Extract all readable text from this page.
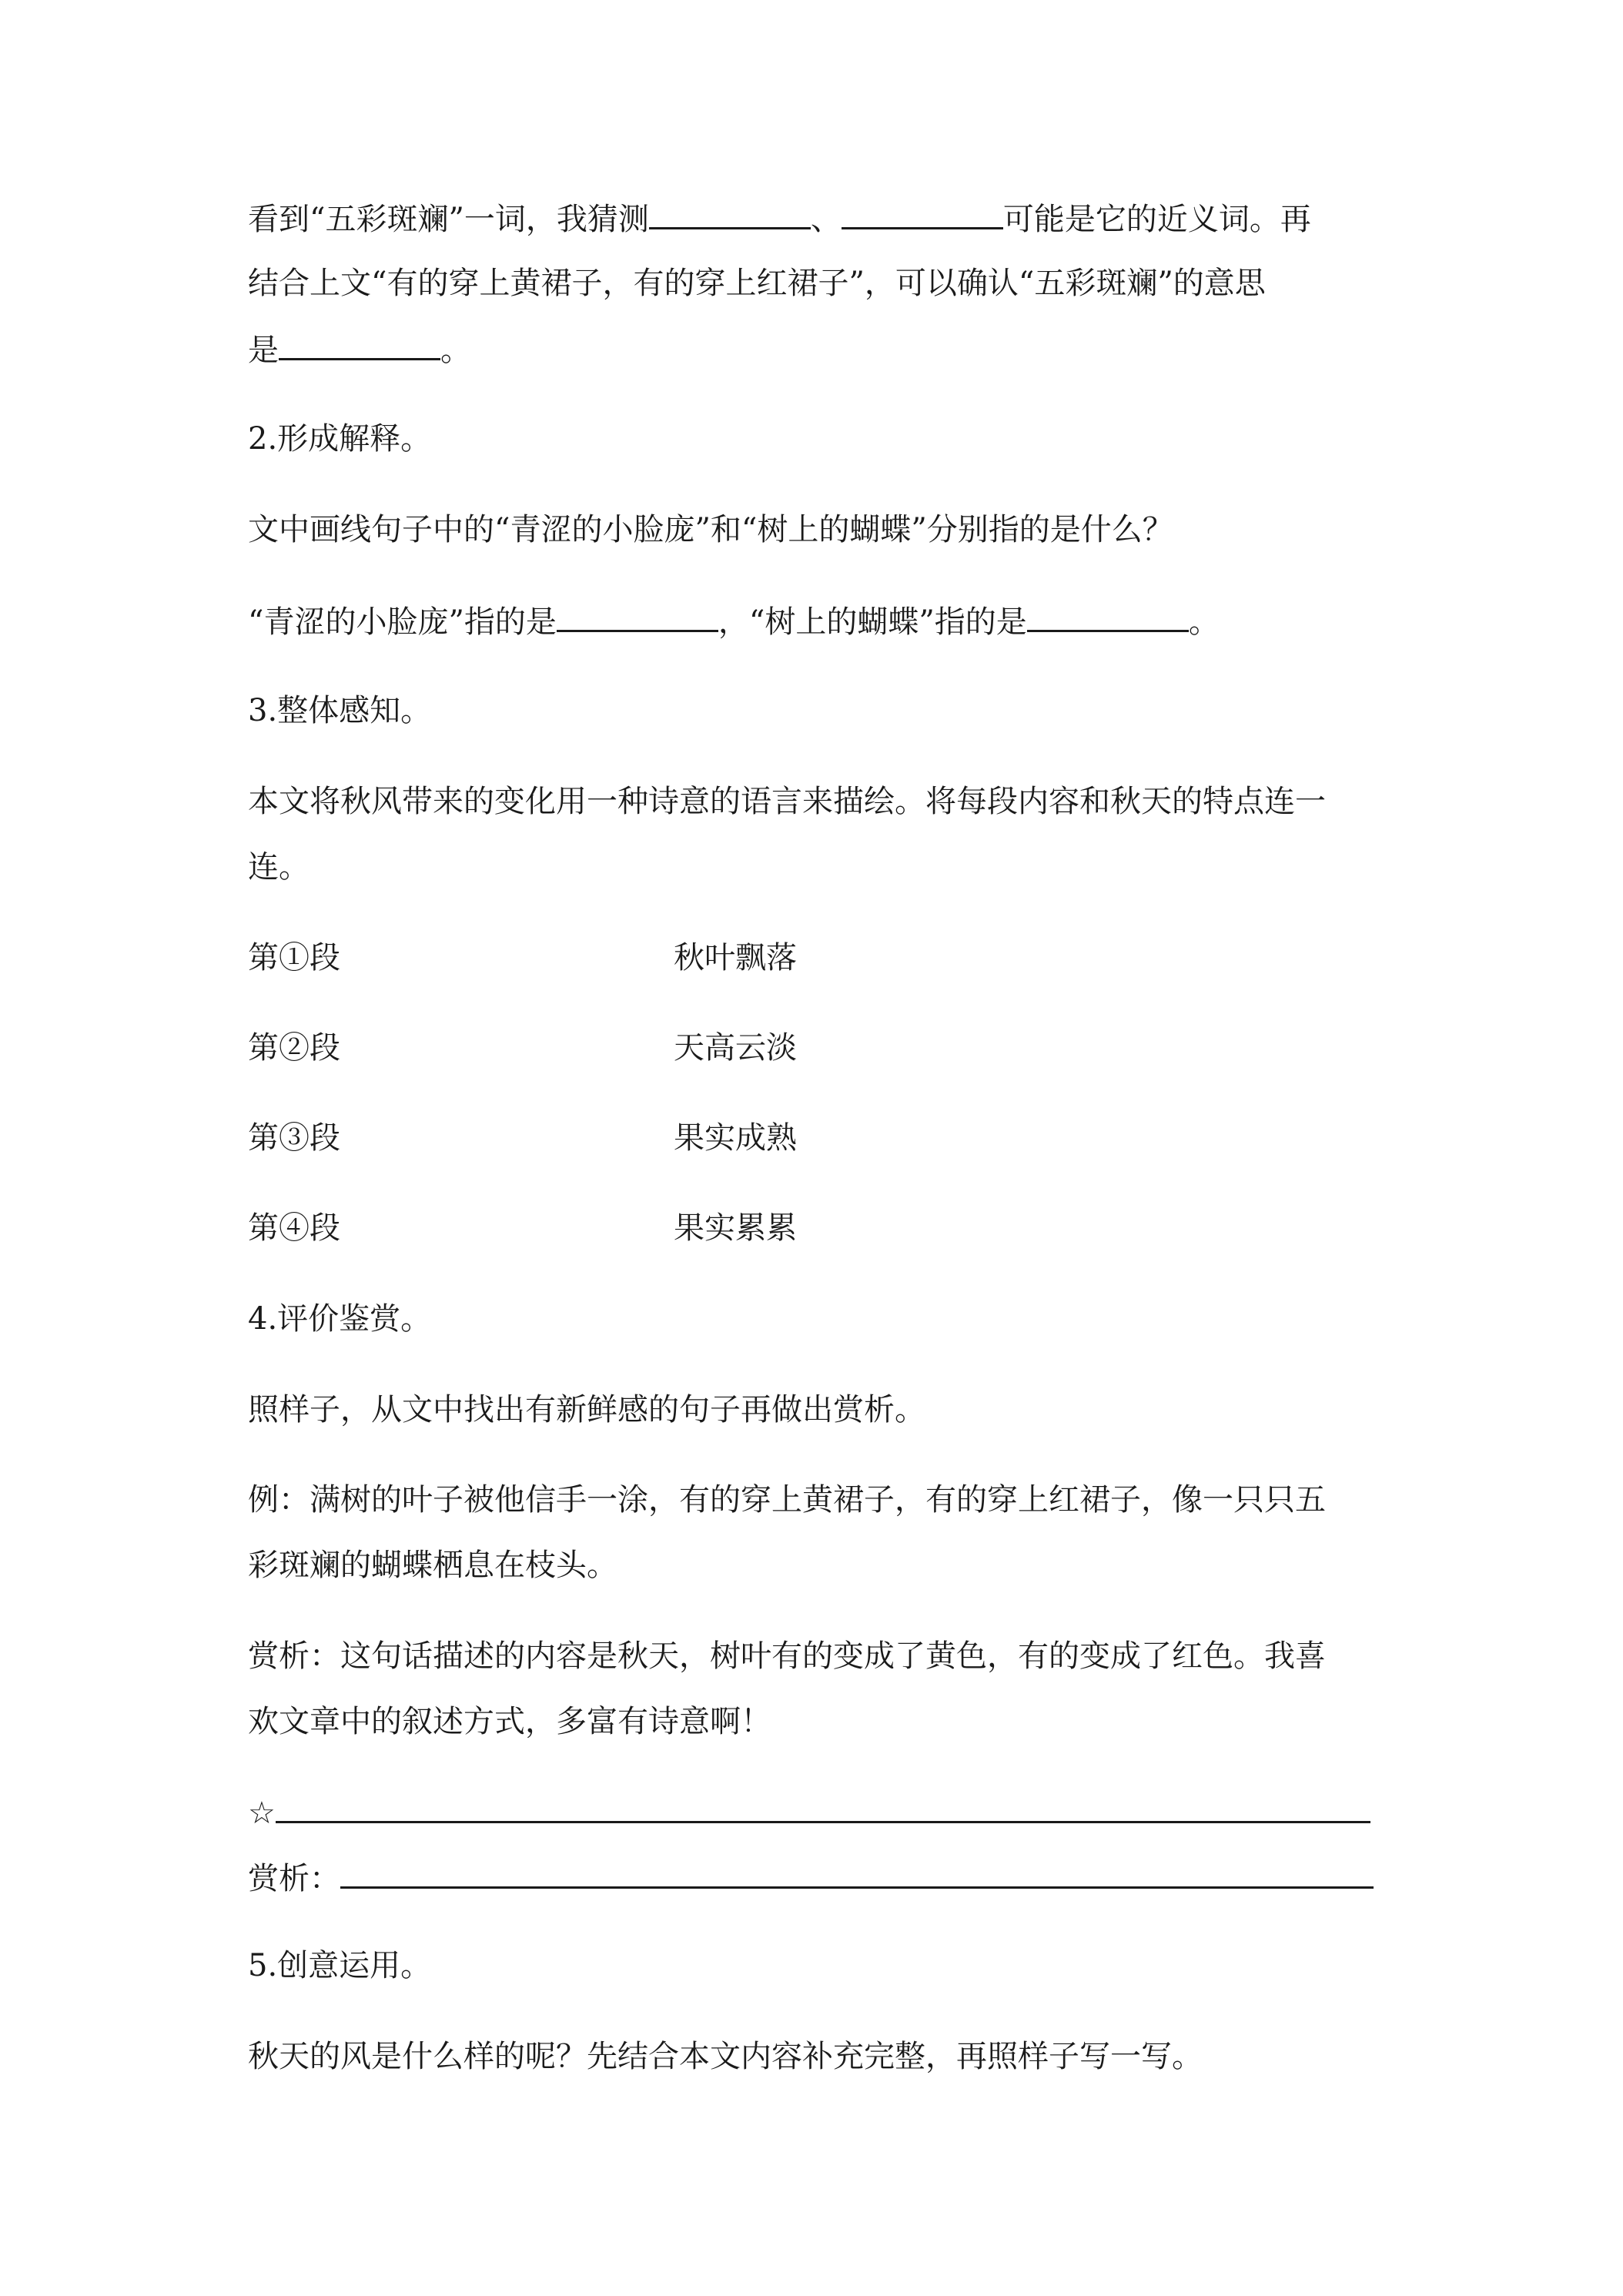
看到“五彩斑斓”一词，我猜测	、	可能是它的近义词。再

结合上文“有的穿上黄裙子，有的穿上红裙子”，可以确认“五彩斑斓”的意思

是	。

2.形成解释。

文中画线句子中的“青涩的小脸庞”和“树上的蝴蝶”分别指的是什么？

“青涩的小脸庞”指的是	，“树上的蝴蝶”指的是	。

3.整体感知。

本文将秋风带来的变化用一种诗意的语言来描绘。将每段内容和秋天的特点连一

连。

第①段	秋叶飘落

第②段	天高云淡

第③段	果实成熟

第④段	果实累累

4.评价鉴赏。

照样子，从文中找出有新鲜感的句子再做出赏析。

例：满树的叶子被他信手一涂，有的穿上黄裙子，有的穿上红裙子，像一只只五

彩斑斓的蝴蝶栖息在枝头。

赏析：这句话描述的内容是秋天，树叶有的变成了黄色，有的变成了红色。我喜

欢文章中的叙述方式，多富有诗意啊！

☆

赏析：

5.创意运用。

秋天的风是什么样的呢？先结合本文内容补充完整，再照样子写一写。
